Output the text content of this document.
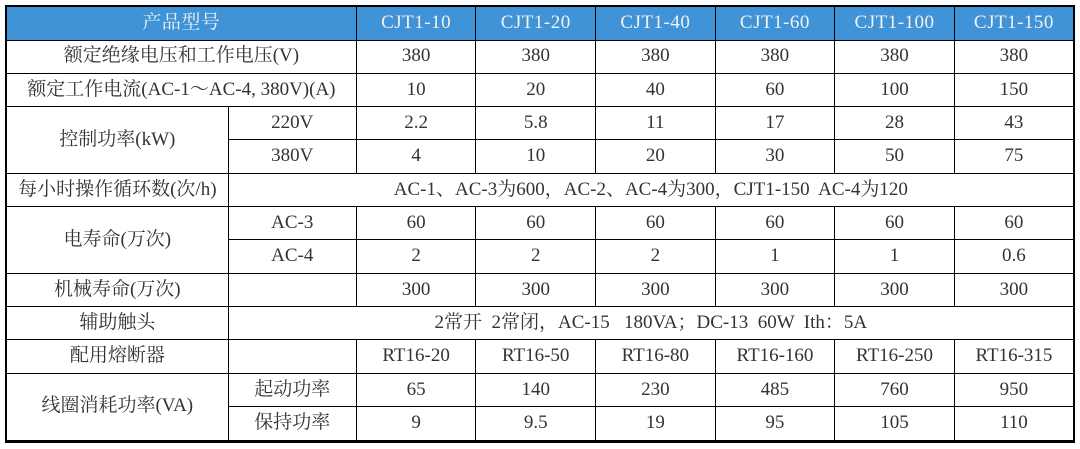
产品型号		CJT1-10	CJT1-20	CJT1-40	CJT1-60	CJT1-100	CJT1-150
额定绝缘电压和工作电压(V)		380	380	380	380	380	380
额定工作电流(AC-1～AC-4, 380V)(A)		10	20	40	60	100	150
控制功率(kW)	220V	2.2	5.8	11	17	28	43
	380V	4	10	20	30	50	75
每小时操作循环数(次/h)	AC-1、AC-3为600，AC-2、AC-4为300，CJT1-150  AC-4为120						
电寿命(万次)	AC-3	60	60	60	60	60	60
	AC-4	2	2	2	1	1	0.6
机械寿命(万次)		300	300	300	300	300	300
辅助触头	2常开  2常闭，AC-15   180VA；DC-13  60W  Ith：5A						
配用熔断器		RT16-20	RT16-50	RT16-80	RT16-160	RT16-250	RT16-315
线圈消耗功率(VA)	起动功率	65	140	230	485	760	950
	保持功率	9	9.5	19	95	105	110
